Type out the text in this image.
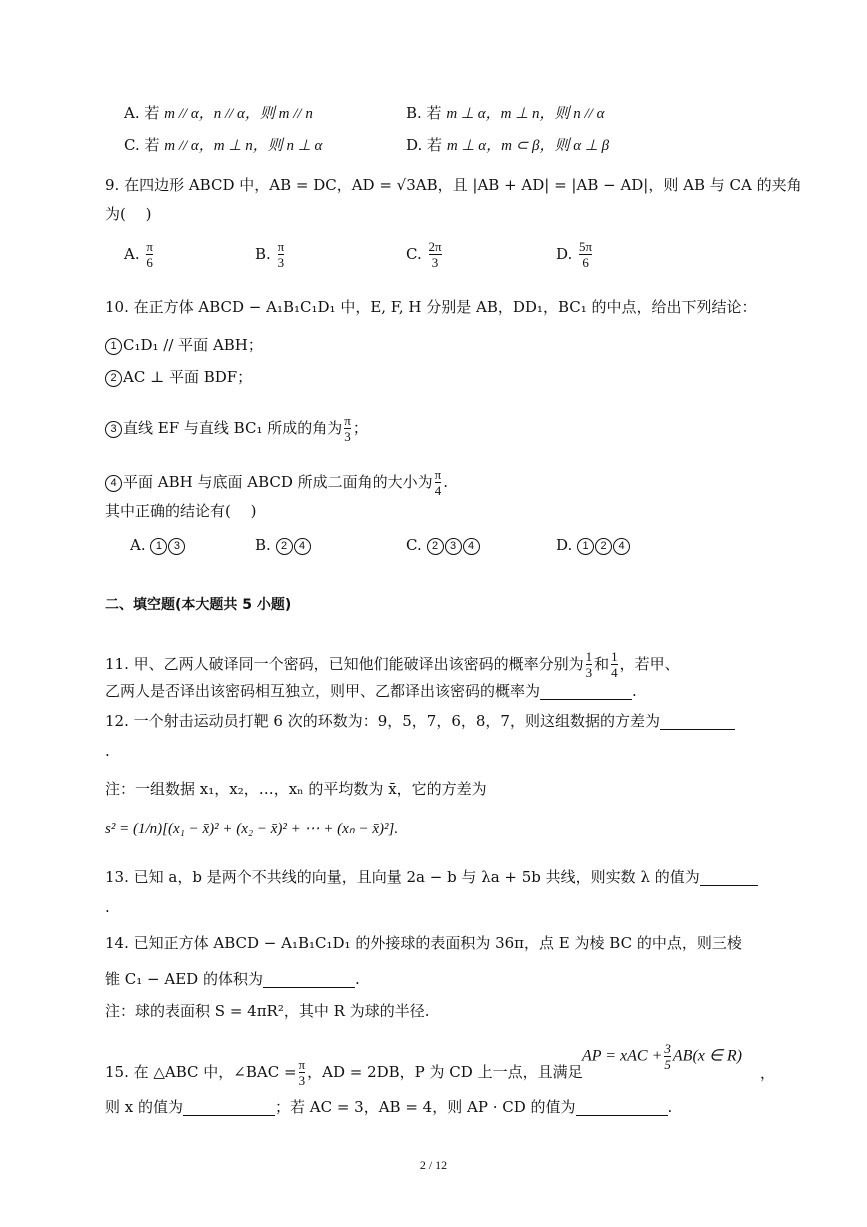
A. 若 m // α，n // α，则 m // n	B. 若 m ⊥ α，m ⊥ n，则 n // α
C. 若 m // α，m ⊥ n，则 n ⊥ α	D. 若 m ⊥ α，m ⊂ β，则 α ⊥ β
9. 在四边形 ABCD 中，AB = DC，AD = √3AB，且 |AB + AD| = |AB − AD|，则 AB 与 CA 的夹角
为(　 )
A. $\frac{\pi}{6}$	B. $\frac{\pi}{3}$	C. $\frac{2\pi}{3}$	D. $\frac{5\pi}{6}$
10. 在正方体 ABCD − A₁B₁C₁D₁ 中，E, F, H 分别是 AB，DD₁，BC₁ 的中点，给出下列结论：
1 C₁D₁ // 平面 ABH；
2 AC ⊥ 平面 BDF；
3 直线 EF 与直线 BC₁ 所成的角为 $\frac{\pi}{3}$ ；
4 平面 ABH 与底面 ABCD 所成二面角的大小为 $\frac{\pi}{4}$ .
其中正确的结论有(　 )
A. 1 3	B. 2 4	C. 2 3 4	D. 1 2 4
二、填空题(本大题共 5 小题)
11. 甲、乙两人破译同一个密码，已知他们能破译出该密码的概率分别为 $\frac{1}{3}$ 和 $\frac{1}{4}$ ，若甲、
乙两人是否译出该密码相互独立，则甲、乙都译出该密码的概率为	.
12. 一个射击运动员打靶 6 次的环数为：9，5，7，6，8，7，则这组数据的方差为
.
注：一组数据 x₁，x₂，…，xₙ 的平均数为 x̄，它的方差为
s² = (1/n)[(x₁ − x̄)² + (x₂ − x̄)² + ⋯ + (xₙ − x̄)²].
13. 已知 a，b 是两个不共线的向量，且向量 2a − b 与 λa + 5b 共线，则实数 λ 的值为
.
14. 已知正方体 ABCD − A₁B₁C₁D₁ 的外接球的表面积为 36π，点 E 为棱 BC 的中点，则三棱
锥 C₁ − AED 的体积为	.
注：球的表面积 S = 4πR²，其中 R 为球的半径.
15. 在 △ABC 中，∠BAC = $\frac{\pi}{3}$ ，AD = 2DB，P 为 CD 上一点，且满足
AP = xAC + $\frac{3}{5} AB(x$ ∈ R)
，
则 x 的值为	；若 AC = 3，AB = 4，则 AP · CD 的值为	.
2 / 12
